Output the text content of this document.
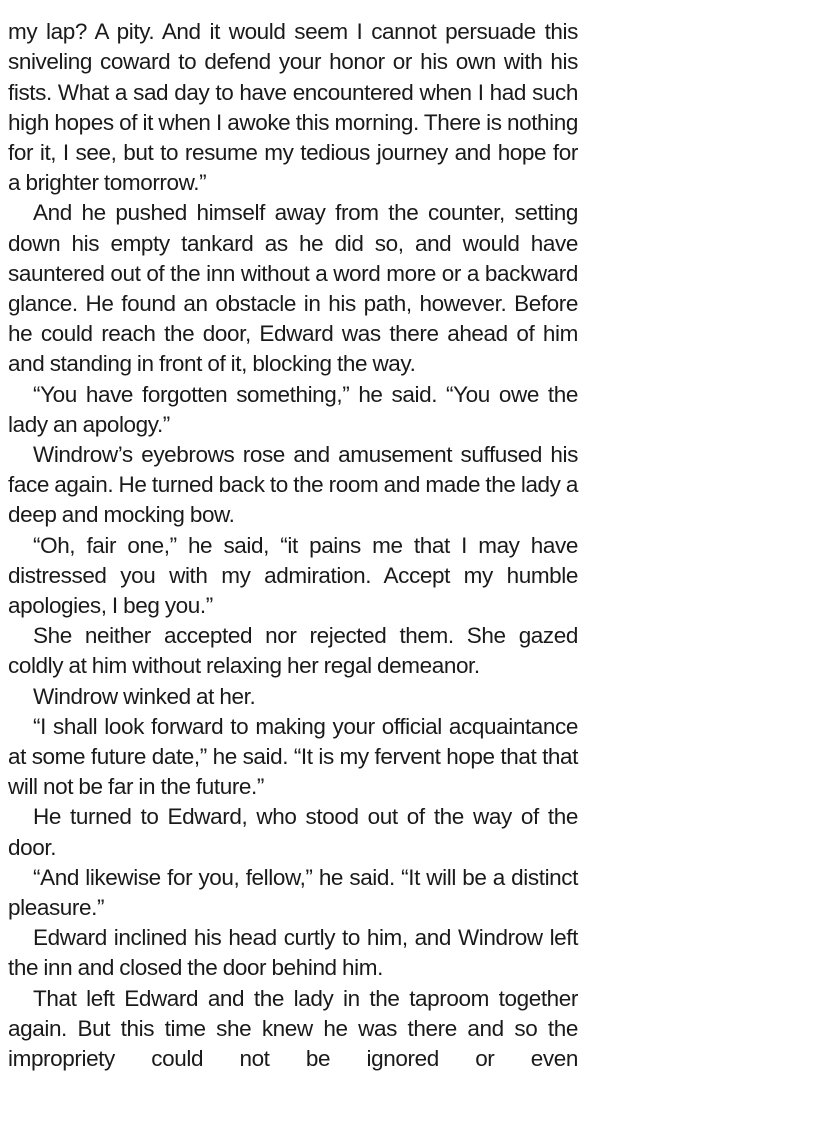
my lap? A pity. And it would seem I cannot persuade this sniveling coward to defend your honor or his own with his fists. What a sad day to have encountered when I had such high hopes of it when I awoke this morning. There is nothing for it, I see, but to resume my tedious journey and hope for a brighter tomorrow.”

And he pushed himself away from the counter, setting down his empty tankard as he did so, and would have sauntered out of the inn without a word more or a backward glance. He found an obstacle in his path, however. Before he could reach the door, Edward was there ahead of him and standing in front of it, blocking the way.

“You have forgotten something,” he said. “You owe the lady an apology.”

Windrow’s eyebrows rose and amusement suffused his face again. He turned back to the room and made the lady a deep and mocking bow.

“Oh, fair one,” he said, “it pains me that I may have distressed you with my admiration. Accept my humble apologies, I beg you.”

She neither accepted nor rejected them. She gazed coldly at him without relaxing her regal demeanor.

Windrow winked at her.

“I shall look forward to making your official acquaintance at some future date,” he said. “It is my fervent hope that that will not be far in the future.”

He turned to Edward, who stood out of the way of the door.

“And likewise for you, fellow,” he said. “It will be a distinct pleasure.”

Edward inclined his head curtly to him, and Windrow left the inn and closed the door behind him.

That left Edward and the lady in the taproom together again. But this time she knew he was there and so the impropriety could not be ignored or even
